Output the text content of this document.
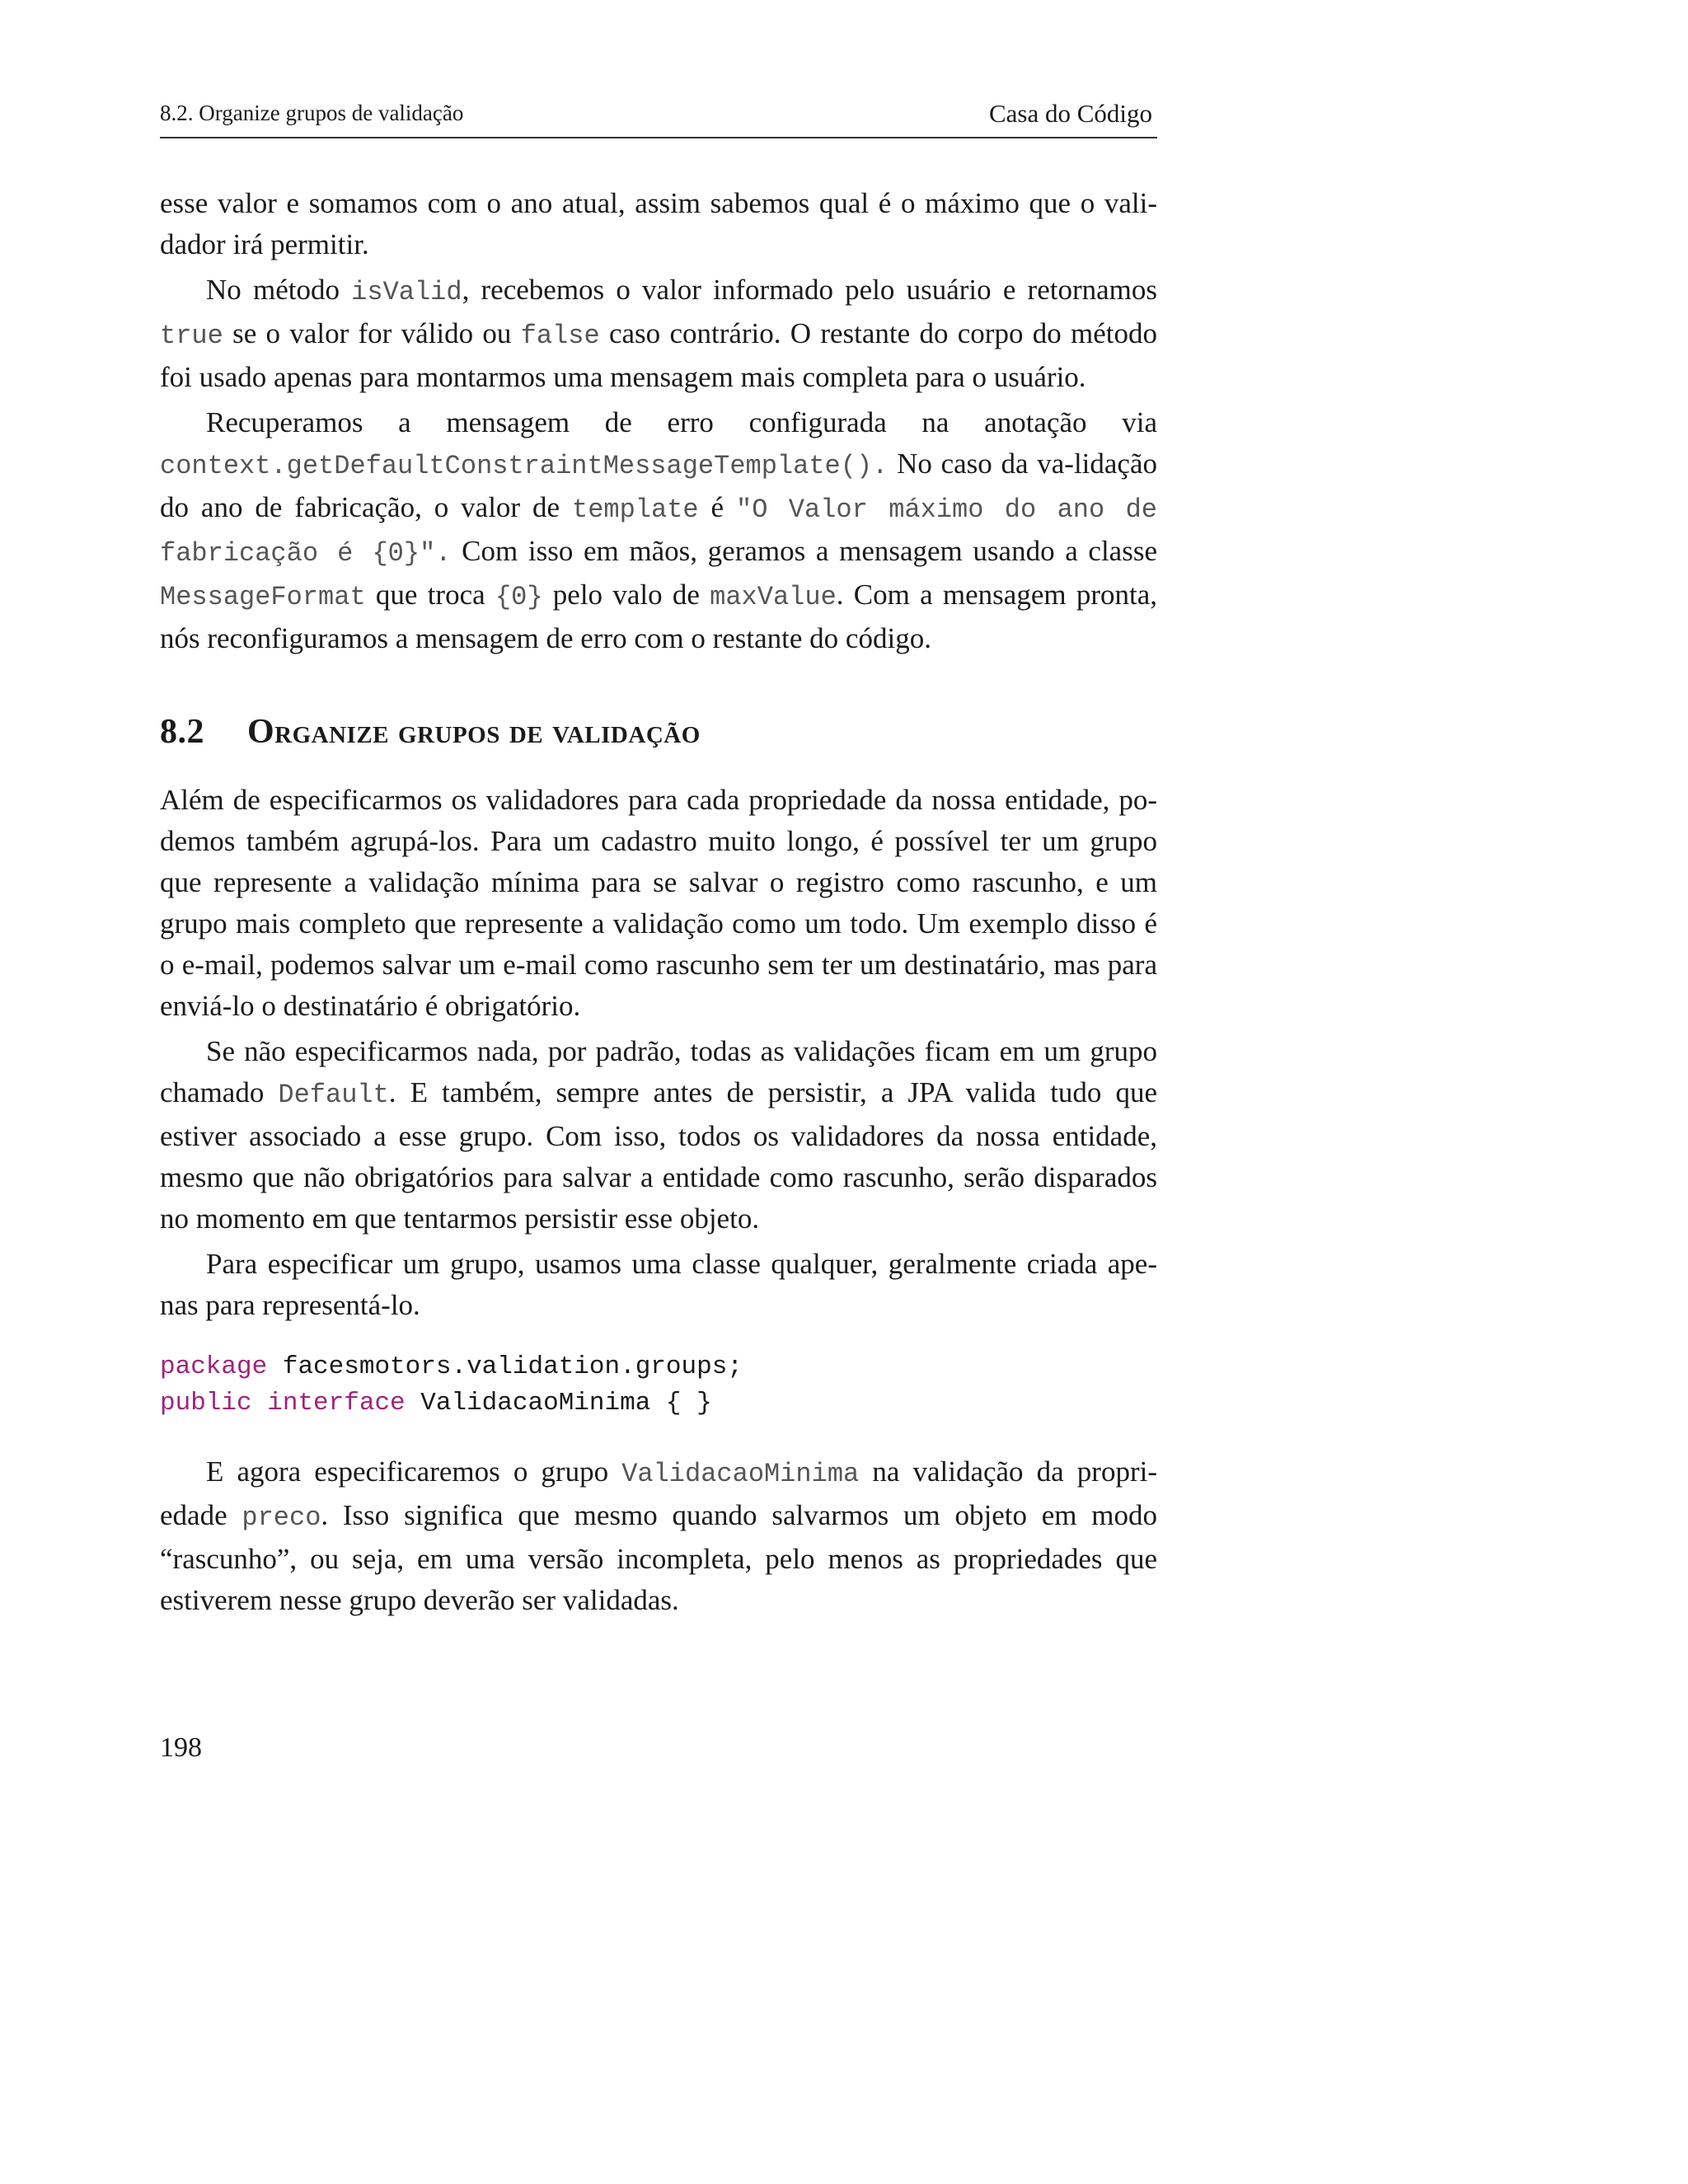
8.2. Organize grupos de validação	Casa do Código

esse valor e somamos com o ano atual, assim sabemos qual é o máximo que o vali-dador irá permitir.

No método isValid, recebemos o valor informado pelo usuário e retornamos true se o valor for válido ou false caso contrário. O restante do corpo do método foi usado apenas para montarmos uma mensagem mais completa para o usuário.

Recuperamos a mensagem de erro configurada na anotação via context.getDefaultConstraintMessageTemplate(). No caso da va-lidação do ano de fabricação, o valor de template é "O Valor máximo do ano de fabricação é {0}". Com isso em mãos, geramos a mensagem usando a classe MessageFormat que troca {0} pelo valo de maxValue. Com a mensagem pronta, nós reconfiguramos a mensagem de erro com o restante do código.

8.2 Organize grupos de validação

Além de especificarmos os validadores para cada propriedade da nossa entidade, po-demos também agrupá-los. Para um cadastro muito longo, é possível ter um grupo que represente a validação mínima para se salvar o registro como rascunho, e um grupo mais completo que represente a validação como um todo. Um exemplo disso é o e-mail, podemos salvar um e-mail como rascunho sem ter um destinatário, mas para enviá-lo o destinatário é obrigatório.

Se não especificarmos nada, por padrão, todas as validações ficam em um grupo chamado Default. E também, sempre antes de persistir, a JPA valida tudo que estiver associado a esse grupo. Com isso, todos os validadores da nossa entidade, mesmo que não obrigatórios para salvar a entidade como rascunho, serão disparados no momento em que tentarmos persistir esse objeto.

Para especificar um grupo, usamos uma classe qualquer, geralmente criada ape-nas para representá-lo.

package facesmotors.validation.groups;
public interface ValidacaoMinima { }

E agora especificaremos o grupo ValidacaoMinima na validação da propri-edade preco. Isso significa que mesmo quando salvarmos um objeto em modo “rascunho”, ou seja, em uma versão incompleta, pelo menos as propriedades que estiverem nesse grupo deverão ser validadas.

198
